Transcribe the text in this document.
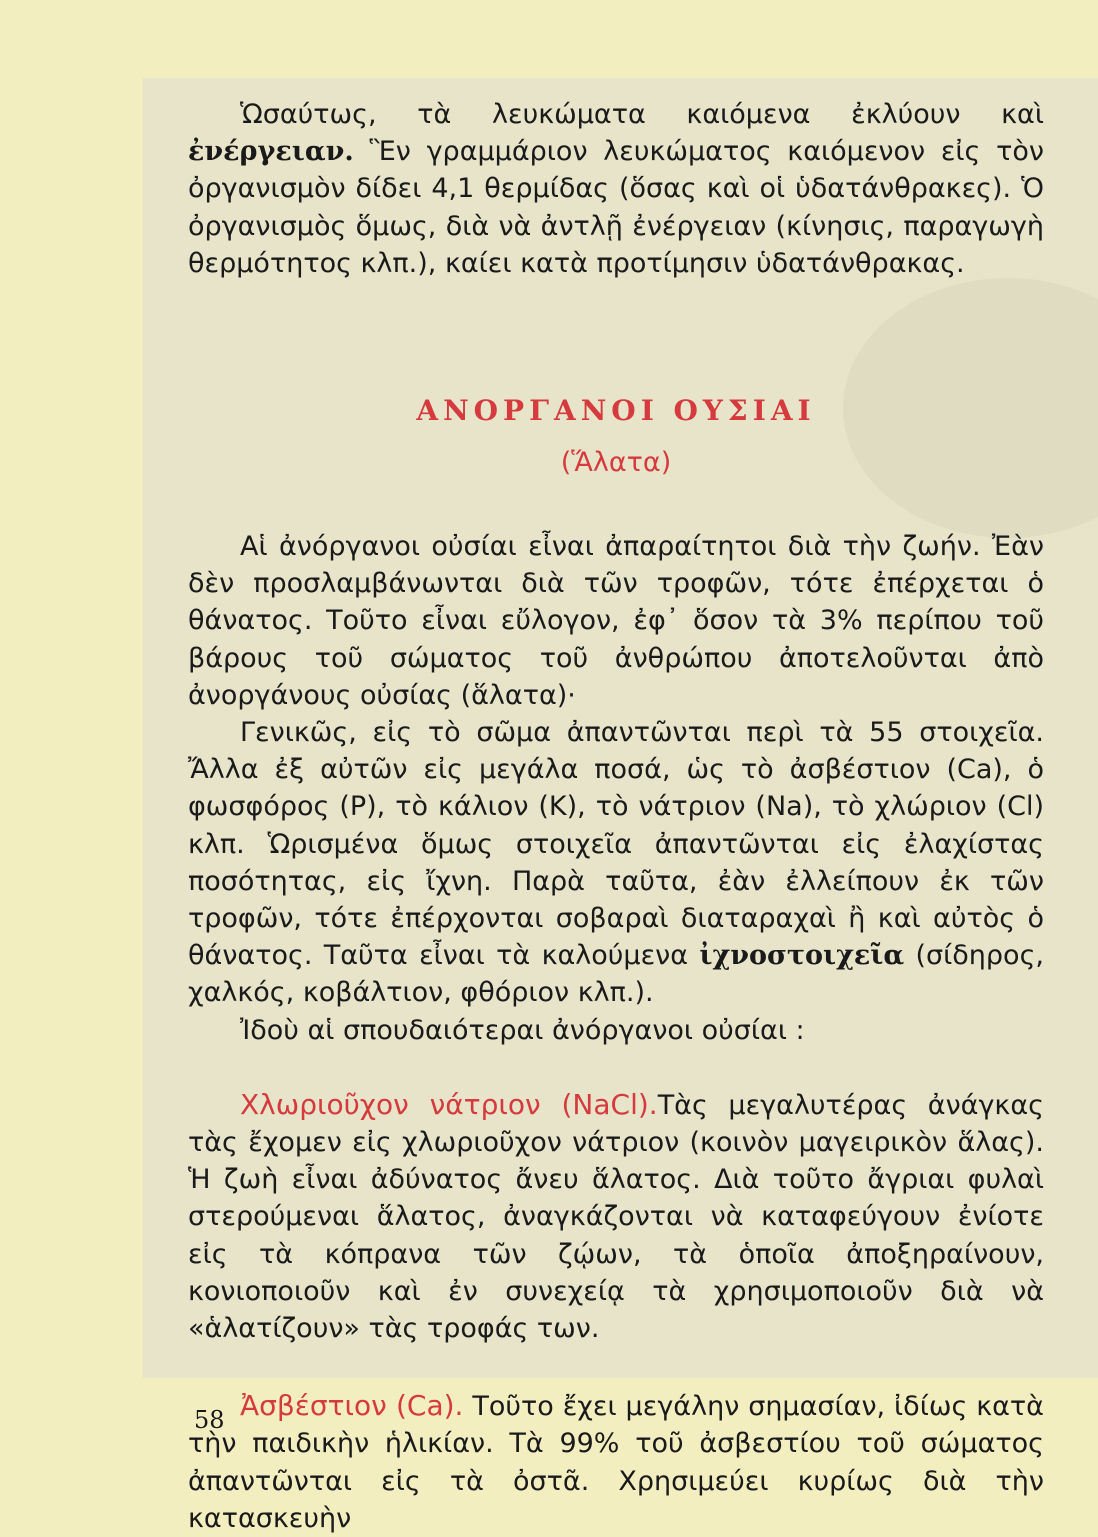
Ὡσαύτως, τὰ λευκώματα καιόμενα ἐκλύουν καὶ ἐνέργειαν. Ἓν γραμμάριον λευκώματος καιόμενον εἰς τὸν ὀργανισμὸν δίδει 4,1 θερμίδας (ὅσας καὶ οἱ ὑδατάνθρακες). Ὁ ὀργανισμὸς ὅμως, διὰ νὰ ἀντλῇ ἐνέργειαν (κίνησις, παραγωγὴ θερμότητος κλπ.), καίει κατὰ προτίμησιν ὑδατάνθρακας.

ΑΝΟΡΓΑΝΟΙ ΟΥΣΙΑΙ
(Ἅλατα)

Αἱ ἀνόργανοι οὐσίαι εἶναι ἀπαραίτητοι διὰ τὴν ζωήν. Ἐὰν δὲν προσλαμβάνωνται διὰ τῶν τροφῶν, τότε ἐπέρχεται ὁ θάνατος. Τοῦτο εἶναι εὔλογον, ἐφ᾿ ὅσον τὰ 3% περίπου τοῦ βάρους τοῦ σώματος τοῦ ἀνθρώπου ἀποτελοῦνται ἀπὸ ἀνοργάνους οὐσίας (ἅλατα)·

Γενικῶς, εἰς τὸ σῶμα ἀπαντῶνται περὶ τὰ 55 στοιχεῖα. Ἄλλα ἐξ αὐτῶν εἰς μεγάλα ποσά, ὡς τὸ ἀσβέστιον (Ca), ὁ φωσφόρος (P), τὸ κάλιον (K), τὸ νάτριον (Na), τὸ χλώριον (Cl) κλπ. Ὡρισμένα ὅμως στοιχεῖα ἀπαντῶνται εἰς ἐλαχίστας ποσότητας, εἰς ἴχνη. Παρὰ ταῦτα, ἐὰν ἐλλείπουν ἐκ τῶν τροφῶν, τότε ἐπέρχονται σοβαραὶ διαταραχαὶ ἢ καὶ αὐτὸς ὁ θάνατος. Ταῦτα εἶναι τὰ καλούμενα ἰχνοστοιχεῖα (σίδηρος, χαλκός, κοβάλτιον, φθόριον κλπ.).

Ἰδοὺ αἱ σπουδαιότεραι ἀνόργανοι οὐσίαι :

Χλωριοῦχον νάτριον (NaCl).Τὰς μεγαλυτέρας ἀνάγκας τὰς ἔχομεν εἰς χλωριοῦχον νάτριον (κοινὸν μαγειρικὸν ἅλας). Ἡ ζωὴ εἶναι ἀδύνατος ἄνευ ἅλατος. Διὰ τοῦτο ἄγριαι φυλαὶ στερούμεναι ἅλατος, ἀναγκάζονται νὰ καταφεύγουν ἐνίοτε εἰς τὰ κόπρανα τῶν ζῴων, τὰ ὁποῖα ἀποξηραίνουν, κονιοποιοῦν καὶ ἐν συνεχείᾳ τὰ χρησιμοποιοῦν διὰ νὰ «ἁλατίζουν» τὰς τροφάς των.

Ἀσβέστιον (Ca). Τοῦτο ἔχει μεγάλην σημασίαν, ἰδίως κατὰ τὴν παιδικὴν ἡλικίαν. Τὰ 99% τοῦ ἀσβεστίου τοῦ σώματος ἀπαντῶνται εἰς τὰ ὀστᾶ. Χρησιμεύει κυρίως διὰ τὴν κατασκευὴν

58
